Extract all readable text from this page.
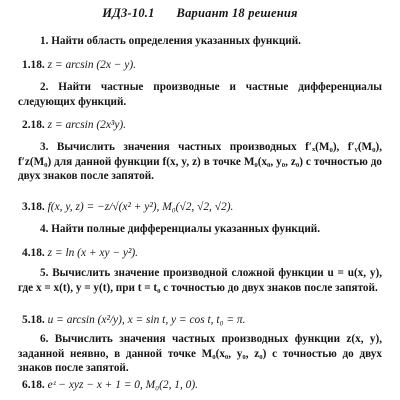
ИДЗ-10.1 Вариант 18 решения

1. Найти область определения указанных функций.

1.18. z = arcsin (2x − y).

2. Найти частные производные и частные дифференциалы следующих функций.

2.18. z = arcsin (2x³y).

3. Вычислить значения частных производных f′ₓ(M₀), f′ᵧ(M₀), f′z(M₀) для данной функции f(x, y, z) в точке M₀(x₀, y₀, z₀) с точностью до двух знаков после запятой.

3.18. f(x, y, z) = −z/√(x² + y²), M₀(√2, √2, √2).

4. Найти полные дифференциалы указанных функций.

4.18. z = ln (x + xy − y²).

5. Вычислить значение производной сложной функции u = u(x, y), где x = x(t), y = y(t), при t = t₀ с точностью до двух знаков после запятой.

5.18. u = arcsin (x²/y), x = sin t, y = cos t, t₀ = π.

6. Вычислить значения частных производных функции z(x, y), заданной неявно, в данной точке M₀(x₀, y₀, z₀) с точностью до двух знаков после запятой.

6.18. eᶻ − xyz − x + 1 = 0, M₀(2, 1, 0).
